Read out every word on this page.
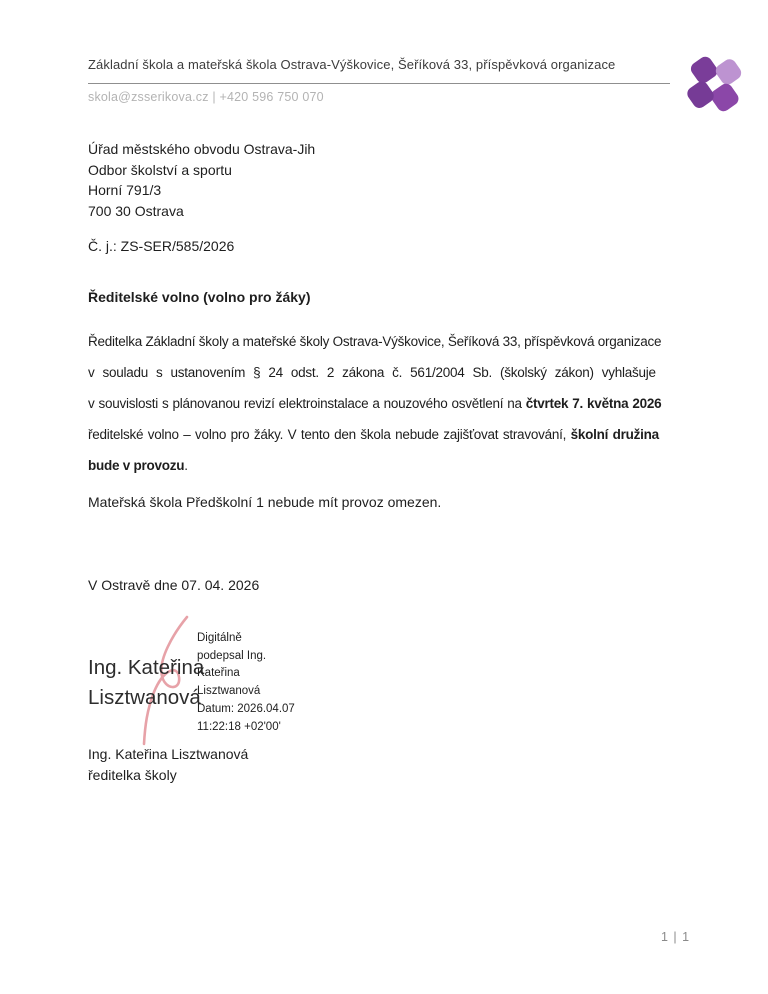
Základní škola a mateřská škola Ostrava-Výškovice, Šeříková 33, příspěvková organizace
skola@zsserikova.cz | +420 596 750 070
Úřad městského obvodu Ostrava-Jih
Odbor školství a sportu
Horní 791/3
700 30 Ostrava
Č. j.: ZS-SER/585/2026
Ředitelské volno (volno pro žáky)
Ředitelka Základní školy a mateřské školy Ostrava-Výškovice, Šeříková 33, příspěvková organizace
v souladu s ustanovením § 24 odst. 2 zákona č. 561/2004 Sb. (školský zákon) vyhlašuje
v souvislosti s plánovanou revizí elektroinstalace a nouzového osvětlení na čtvrtek 7. května 2026
ředitelské volno – volno pro žáky. V tento den škola nebude zajišťovat stravování, školní družina
bude v provozu.
Mateřská škola Předškolní 1 nebude mít provoz omezen.
V Ostravě dne 07. 04. 2026
Ing. Kateřina
Lisztwanová
Digitálně
podepsal Ing.
Kateřina
Lisztwanová
Datum: 2026.04.07
11:22:18 +02'00'
Ing. Kateřina Lisztwanová
ředitelka školy
1 | 1
